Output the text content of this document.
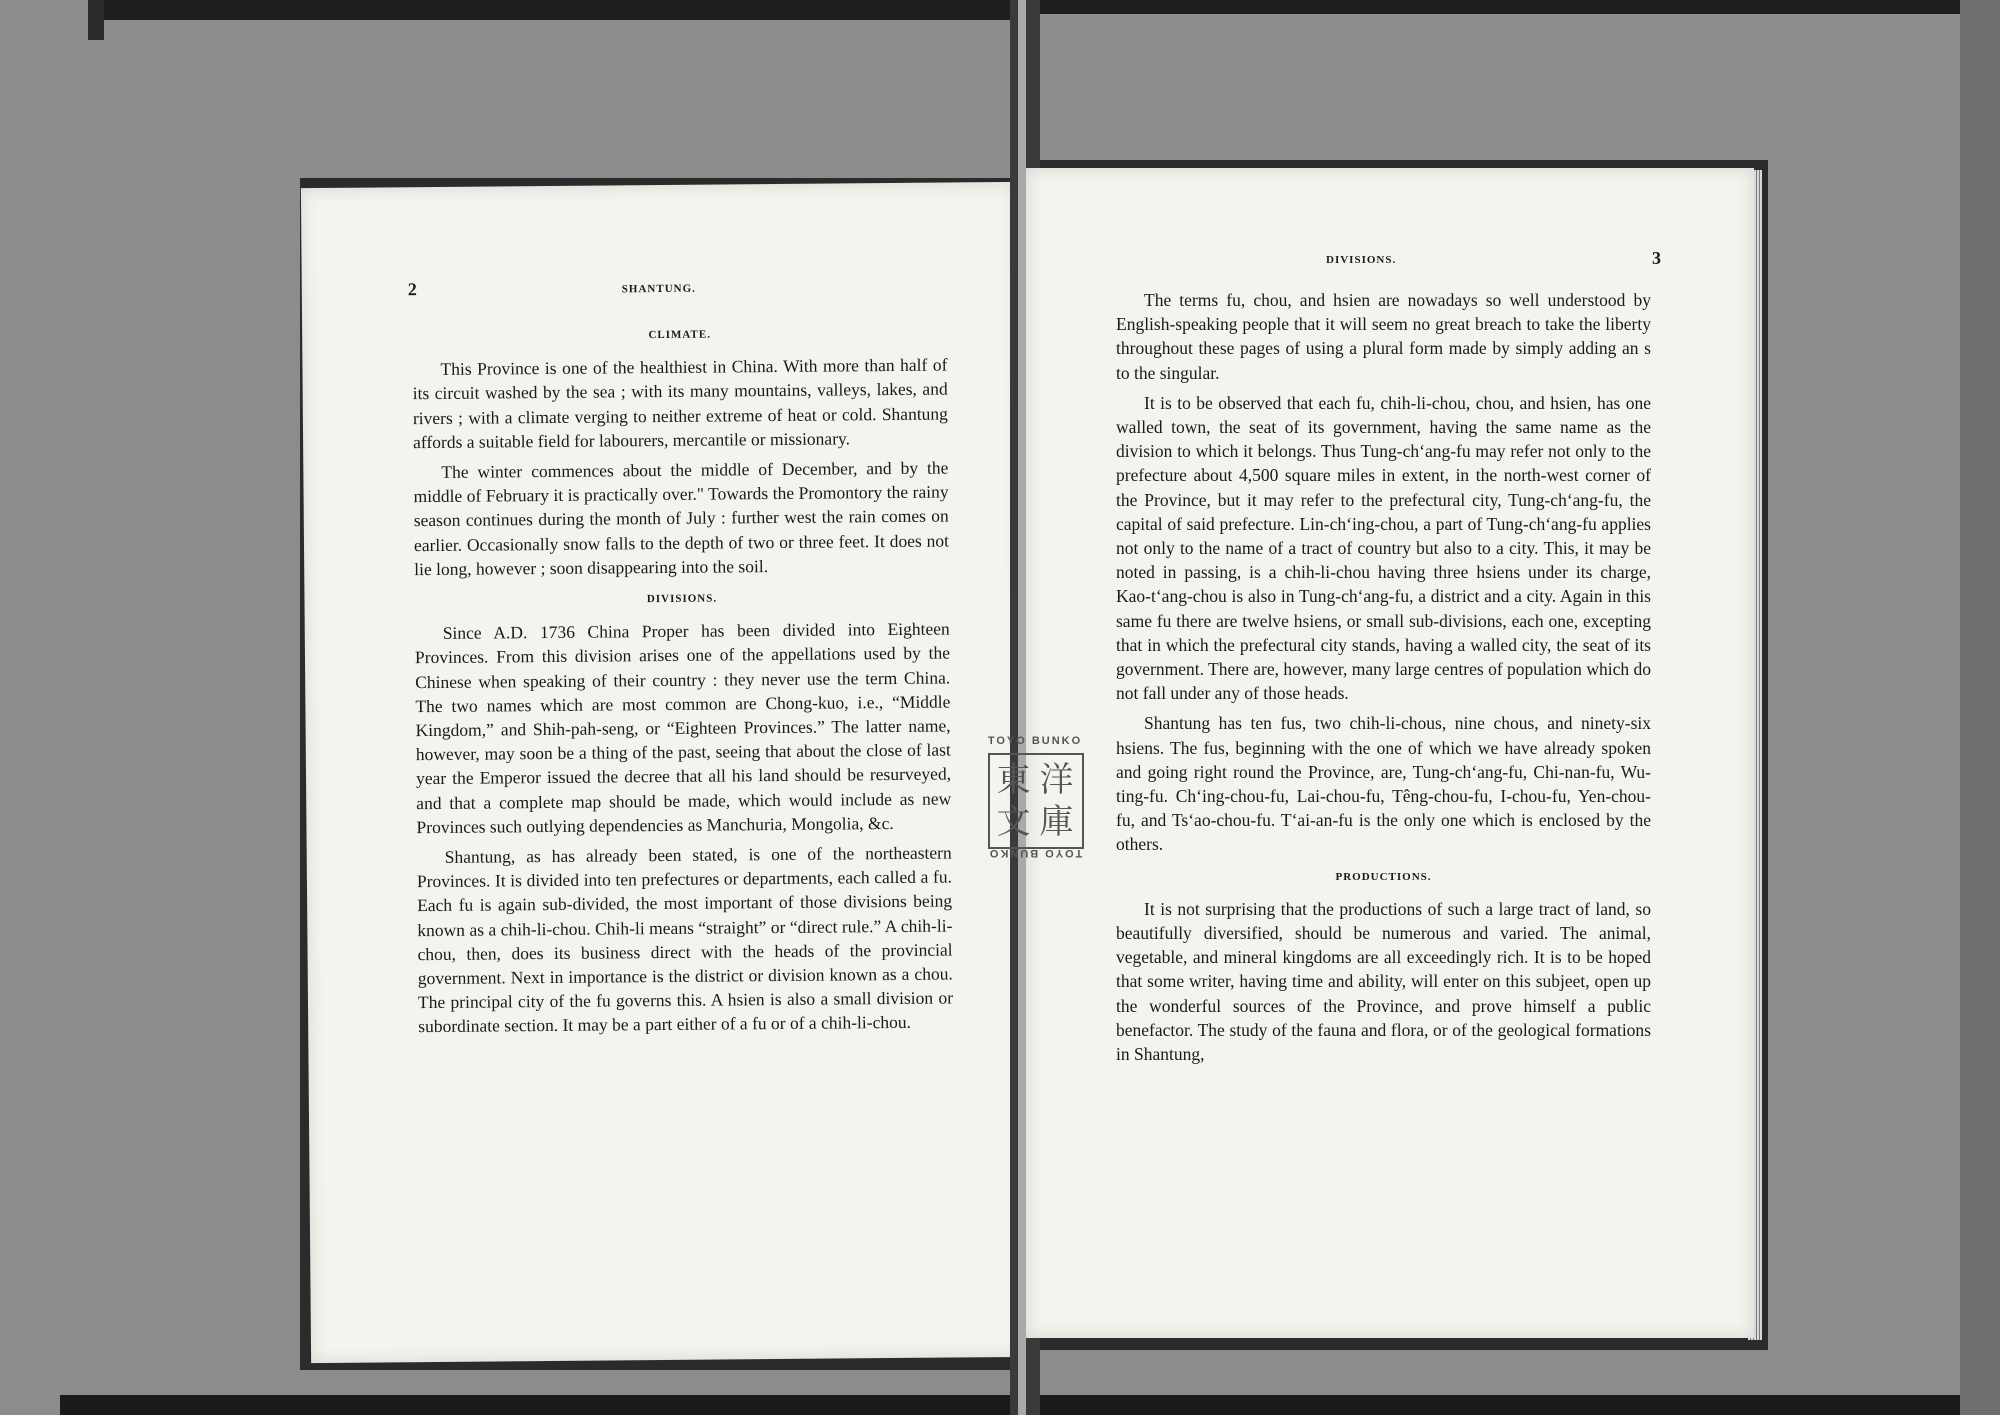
2	SHANTUNG.
CLIMATE.

This Province is one of the healthiest in China. With more than half of its circuit washed by the sea ; with its many mountains, valleys, lakes, and rivers ; with a climate verging to neither extreme of heat or cold. Shantung affords a suitable field for labourers, mercantile or missionary.

The winter commences about the middle of December, and by the middle of February it is practically over." Towards the Promontory the rainy season continues during the month of July : further west the rain comes on earlier. Occasionally snow falls to the depth of two or three feet. It does not lie long, however ; soon disappearing into the soil.

DIVISIONS.

Since A.D. 1736 China Proper has been divided into Eighteen Provinces. From this division arises one of the appellations used by the Chinese when speaking of their country : they never use the term China. The two names which are most common are Chong-kuo, i.e., “Middle Kingdom,” and Shih-pah-seng, or “Eighteen Provinces.” The latter name, however, may soon be a thing of the past, seeing that about the close of last year the Emperor issued the decree that all his land should be resurveyed, and that a complete map should be made, which would include as new Provinces such outlying dependencies as Manchuria, Mongolia, &c.

Shantung, as has already been stated, is one of the northeastern Provinces. It is divided into ten prefectures or departments, each called a fu. Each fu is again sub-divided, the most important of those divisions being known as a chih-li-chou. Chih-li means “straight” or “direct rule.” A chih-li-chou, then, does its business direct with the heads of the provincial government. Next in importance is the district or division known as a chou. The principal city of the fu governs this. A hsien is also a small division or subordinate section. It may be a part either of a fu or of a chih-li-chou.

DIVISIONS.	3

The terms fu, chou, and hsien are nowadays so well understood by English-speaking people that it will seem no great breach to take the liberty throughout these pages of using a plural form made by simply adding an s to the singular.

It is to be observed that each fu, chih-li-chou, chou, and hsien, has one walled town, the seat of its government, having the same name as the division to which it belongs. Thus Tung-ch‘ang-fu may refer not only to the prefecture about 4,500 square miles in extent, in the north-west corner of the Province, but it may refer to the prefectural city, Tung-ch‘ang-fu, the capital of said prefecture. Lin-ch‘ing-chou, a part of Tung-ch‘ang-fu applies not only to the name of a tract of country but also to a city. This, it may be noted in passing, is a chih-li-chou having three hsiens under its charge, Kao-t‘ang-chou is also in Tung-ch‘ang-fu, a district and a city. Again in this same fu there are twelve hsiens, or small sub-divisions, each one, excepting that in which the prefectural city stands, having a walled city, the seat of its government. There are, however, many large centres of population which do not fall under any of those heads.

Shantung has ten fus, two chih-li-chous, nine chous, and ninety-six hsiens. The fus, beginning with the one of which we have already spoken and going right round the Province, are, Tung-ch‘ang-fu, Chi-nan-fu, Wu-ting-fu. Ch‘ing-chou-fu, Lai-chou-fu, Têng-chou-fu, I-chou-fu, Yen-chou-fu, and Ts‘ao-chou-fu. T‘ai-an-fu is the only one which is enclosed by the others.

PRODUCTIONS.

It is not surprising that the productions of such a large tract of land, so beautifully diversified, should be numerous and varied. The animal, vegetable, and mineral kingdoms are all exceedingly rich. It is to be hoped that some writer, having time and ability, will enter on this subjeet, open up the wonderful sources of the Province, and prove himself a public benefactor. The study of the fauna and flora, or of the geological formations in Shantung,

TOYO BUNKO
東 洋
文 庫
TOYO BUNKO
